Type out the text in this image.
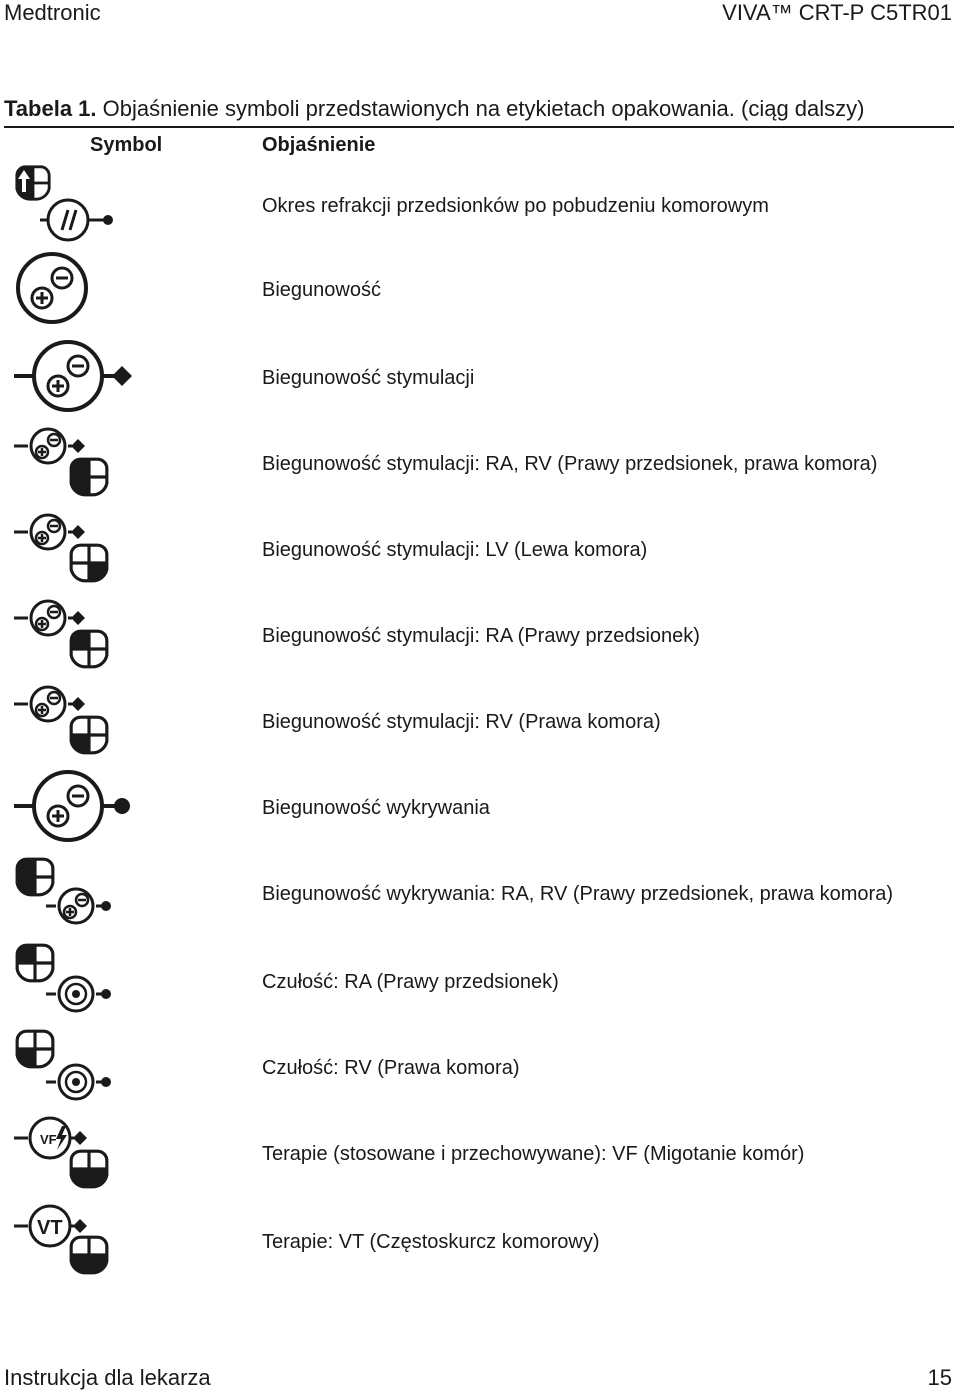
Medtronic	VIVA™ CRT-P C5TR01
Tabela 1. Objaśnienie symboli przedstawionych na etykietach opakowania. (ciąg dalszy)
Symbol	Objaśnienie
Okres refrakcji przedsionków po pobudzeniu komorowym
Biegunowość
Biegunowość stymulacji
Biegunowość stymulacji: RA, RV (Prawy przedsionek, prawa komora)
Biegunowość stymulacji: LV (Lewa komora)
Biegunowość stymulacji: RA (Prawy przedsionek)
Biegunowość stymulacji: RV (Prawa komora)
Biegunowość wykrywania
Biegunowość wykrywania: RA, RV (Prawy przedsionek, prawa komora)
Czułość: RA (Prawy przedsionek)
Czułość: RV (Prawa komora)
VF
Terapie (stosowane i przechowywane): VF (Migotanie komór)
VT
Terapie: VT (Częstoskurcz komorowy)
Instrukcja dla lekarza	15
